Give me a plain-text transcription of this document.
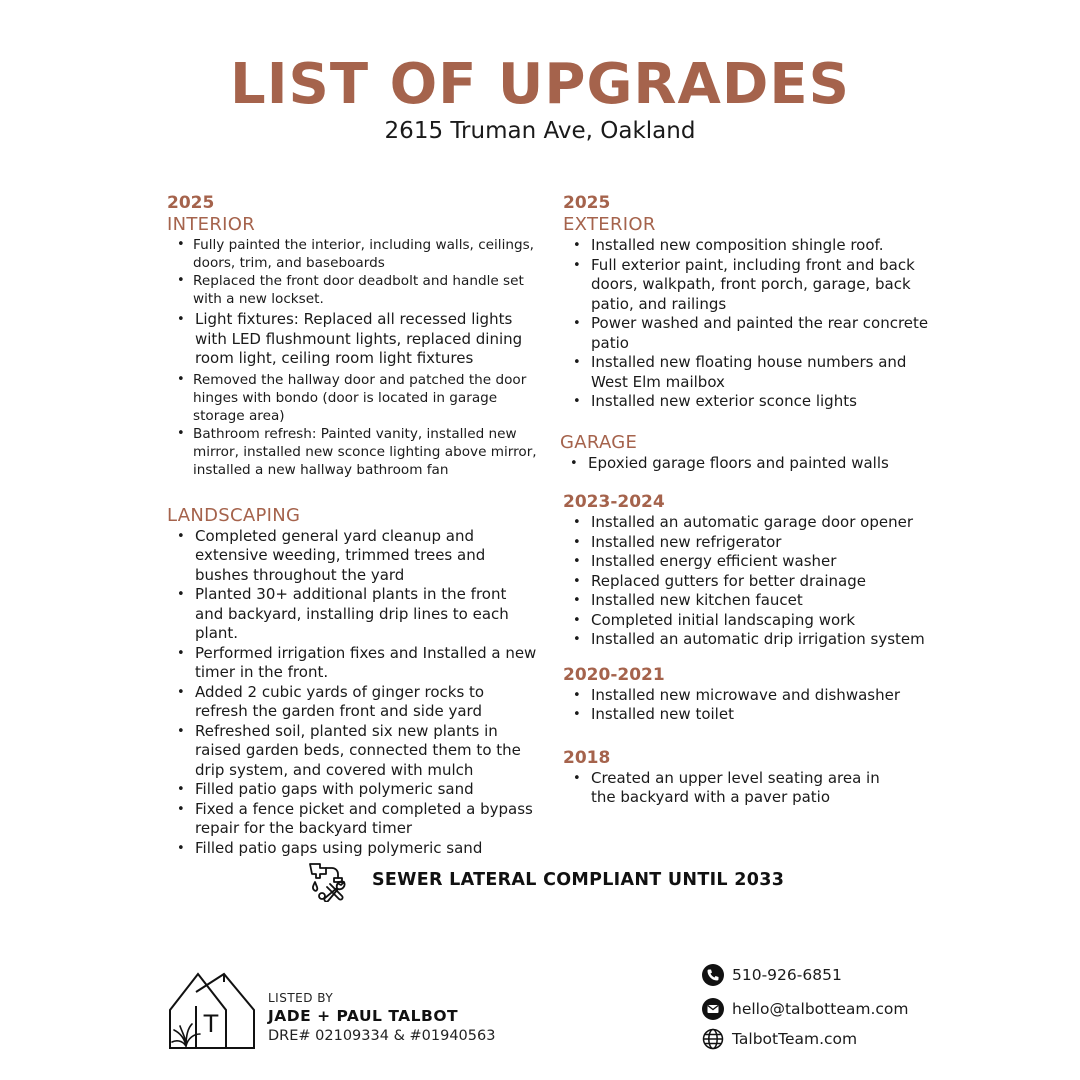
LIST OF UPGRADES
2615 Truman Ave, Oakland
2025
INTERIOR
• Fully painted the interior, including walls, ceilings, doors, trim, and baseboards
• Replaced the front door deadbolt and handle set with a new lockset.
• Light fixtures: Replaced all recessed lights with LED flushmount lights, replaced dining room light, ceiling room light fixtures
• Removed the hallway door and patched the door hinges with bondo (door is located in garage storage area)
• Bathroom refresh: Painted vanity, installed new mirror, installed new sconce lighting above mirror, installed a new hallway bathroom fan
LANDSCAPING
• Completed general yard cleanup and extensive weeding, trimmed trees and bushes throughout the yard
• Planted 30+ additional plants in the front and backyard, installing drip lines to each plant.
• Performed irrigation fixes and Installed a new timer in the front.
• Added 2 cubic yards of ginger rocks to refresh the garden front and side yard
• Refreshed soil, planted six new plants in raised garden beds, connected them to the drip system, and covered with mulch
• Filled patio gaps with polymeric sand
• Fixed a fence picket and completed a bypass repair for the backyard timer
• Filled patio gaps using polymeric sand
2025
EXTERIOR
• Installed new composition shingle roof.
• Full exterior paint, including front and back doors, walkpath, front porch, garage, back patio, and railings
• Power washed and painted the rear concrete patio
• Installed new floating house numbers and West Elm mailbox
• Installed new exterior sconce lights
GARAGE
• Epoxied garage floors and painted walls
2023-2024
• Installed an automatic garage door opener
• Installed new refrigerator
• Installed energy efficient washer
• Replaced gutters for better drainage
• Installed new kitchen faucet
• Completed initial landscaping work
• Installed an automatic drip irrigation system
2020-2021
• Installed new microwave and dishwasher
• Installed new toilet
2018
• Created an upper level seating area in the backyard with a paver patio
SEWER LATERAL COMPLIANT UNTIL 2033
T
LISTED BY
JADE + PAUL TALBOT
DRE# 02109334 & #01940563
510-926-6851
hello@talbotteam.com
TalbotTeam.com
